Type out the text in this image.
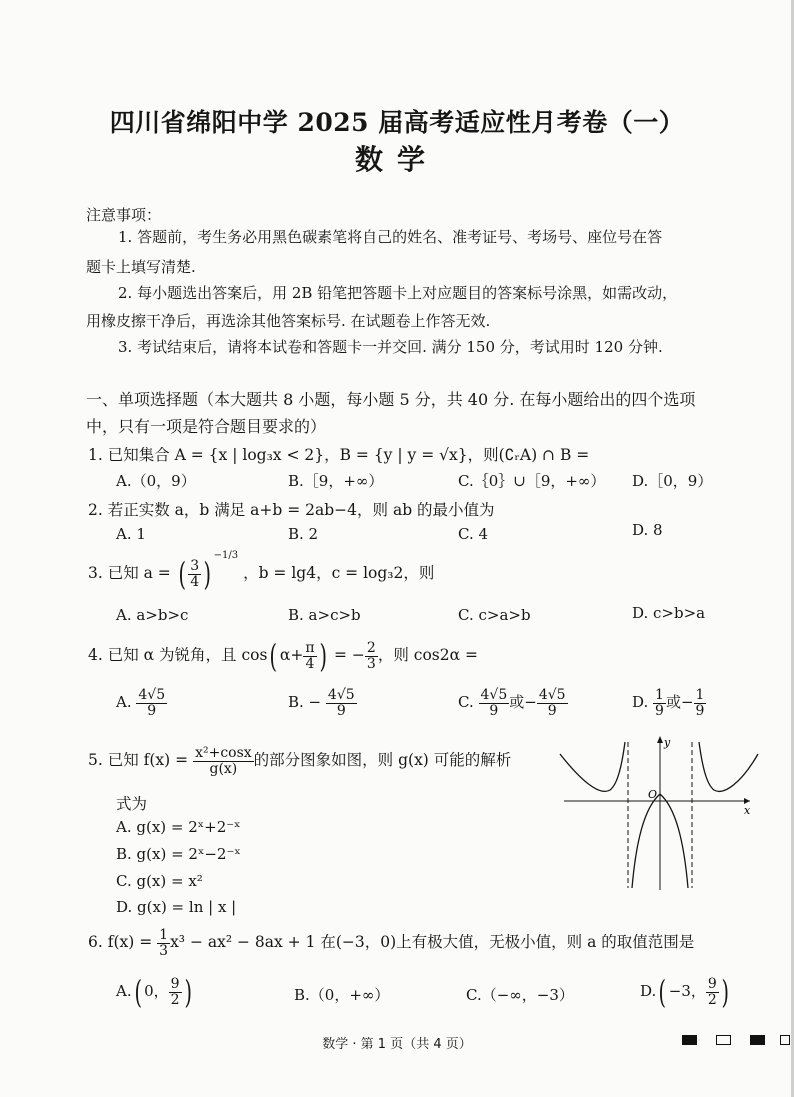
四川省绵阳中学 2025 届高考适应性月考卷（一）
数学
注意事项：
1. 答题前，考生务必用黑色碳素笔将自己的姓名、准考证号、考场号、座位号在答
题卡上填写清楚.
2. 每小题选出答案后，用 2B 铅笔把答题卡上对应题目的答案标号涂黑，如需改动，
用橡皮擦干净后，再选涂其他答案标号. 在试题卷上作答无效.
3. 考试结束后，请将本试卷和答题卡一并交回. 满分 150 分，考试用时 120 分钟.
一、单项选择题（本大题共 8 小题，每小题 5 分，共 40 分. 在每小题给出的四个选项
中，只有一项是符合题目要求的）
1. 已知集合 A = {x | log₃x < 2}，B = {y | y = √x}，则(∁ᵣA) ∩ B =
A.（0，9）	B.［9，+∞）	C.｛0｝∪［9，+∞） D.［0，9）
2. 若正实数 a，b 满足 a+b = 2ab−4，则 ab 的最小值为
A. 1	B. 2	C. 4	D. 8
3. 已知 a = ( $\frac{3}{4}$ ) $^{-1/3}$ ，b = lg4，c = log₃2，则
A. a>b>c	B. a>c>b	C. c>a>b	D. c>b>a
4. 已知 α 为锐角，且 cos( $\alpha+ \frac{\pi}{4}$ ) = − $\frac{2}{3}$ ，则 cos2α =
A. $\frac{4√5}{9}$	B. − $\frac{4√5}{9}$	C. $\frac{4√5}{9}$ 或− $\frac{4√5}{9}$	D. $\frac{1}{9}$ 或− $\frac{1}{9}$
5. 已知 $f(x) = \frac{\text{x²+cosx}}{g(x)}$ 的部分图象如图，则 g(x) 可能的解析
式为
A. g(x) = 2ˣ+2⁻ˣ
B. g(x) = 2ˣ−2⁻ˣ
C. g(x) = x²
D. g(x) = ln | x |
y
x
O
6. $f(x) = \frac{1}{3} x^3 - ax^2 - 8ax + 1$ 在(−3，0)上有极大值，无极小值，则 a 的取值范围是
A.( 0， $\frac{9}{2}$ )	B.（0，+∞）	C.（−∞，−3）	D.( −3， $\frac{9}{2}$ )
数学 · 第 1 页（共 4 页）
